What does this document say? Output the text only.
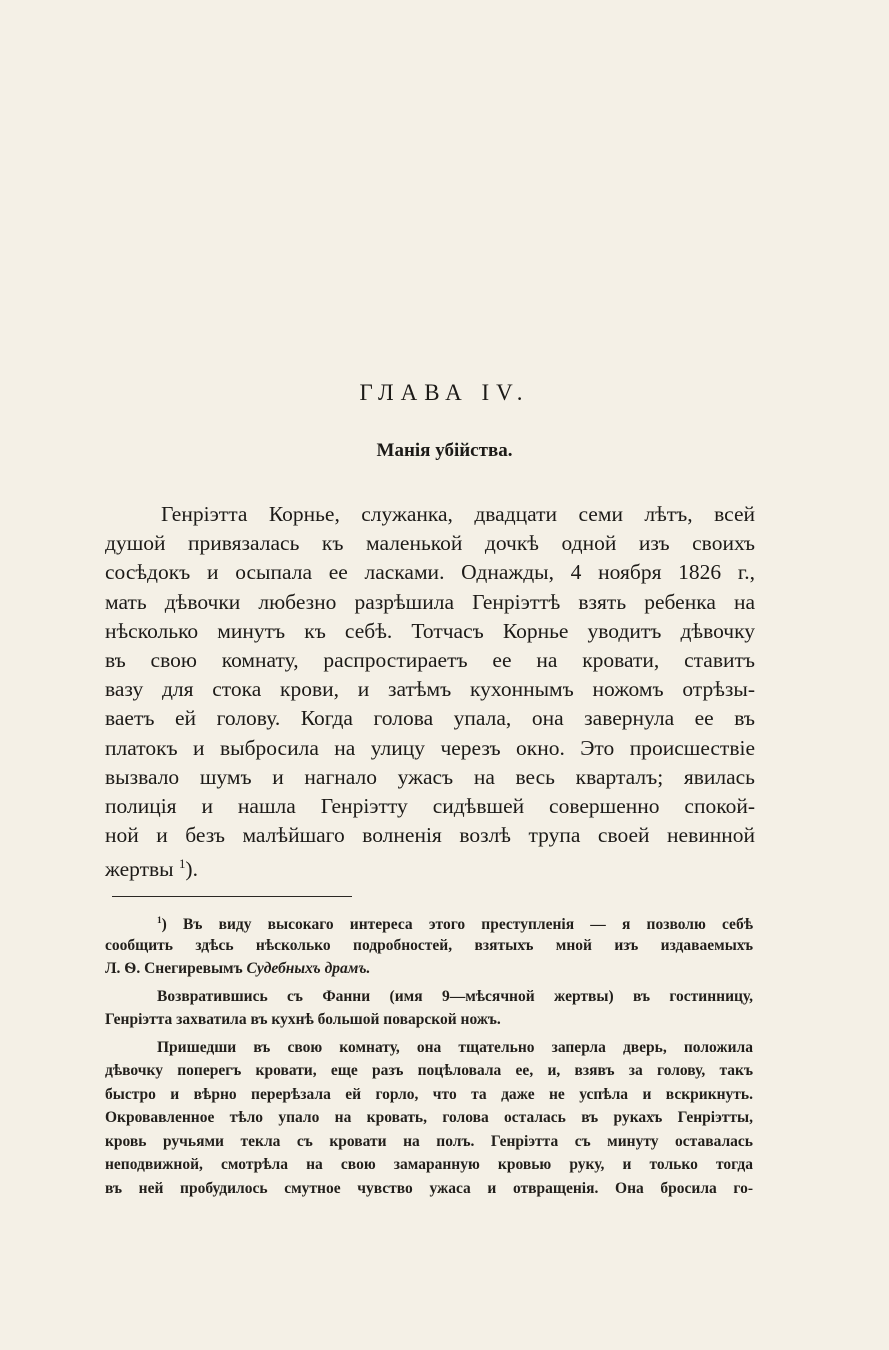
ГЛАВА IV.
Манія убійства.
Генріэтта Корнье, служанка, двадцати семи лѣтъ, всей
душой привязалась къ маленькой дочкѣ одной изъ своихъ
сосѣдокъ и осыпала ее ласками. Однажды, 4 ноября 1826 г.,
мать дѣвочки любезно разрѣшила Генріэттѣ взять ребенка на
нѣсколько минутъ къ себѣ. Тотчасъ Корнье уводитъ дѣвочку
въ свою комнату, распростираетъ ее на кровати, ставитъ
вазу для стока крови, и затѣмъ кухоннымъ ножомъ отрѣзы-
ваетъ ей голову. Когда голова упала, она завернула ее въ
платокъ и выбросила на улицу черезъ окно. Это происшествіе
вызвало шумъ и нагнало ужасъ на весь кварталъ; явилась
полиція и нашла Генріэтту сидѣвшей совершенно спокой-
ной и безъ малѣйшаго волненія возлѣ трупа своей невинной
жертвы $^1$).
$^1$) Въ виду высокаго интереса этого преступленія — я позволю себѣ
сообщить здѣсь нѣсколько подробностей, взятыхъ мной изъ издаваемыхъ
Л. Ѳ. Снегиревымъ Судебныхъ драмъ.
Возвратившись съ Фанни (имя 9—мѣсячной жертвы) въ гостинницу,
Генріэтта захватила въ кухнѣ большой поварской ножъ.
Пришедши въ свою комнату, она тщательно заперла дверь, положила
дѣвочку поперегъ кровати, еще разъ поцѣловала ее, и, взявъ за голову, такъ
быстро и вѣрно перерѣзала ей горло, что та даже не успѣла и вскрикнуть.
Окровавленное тѣло упало на кровать, голова осталась въ рукахъ Генріэтты,
кровь ручьями текла съ кровати на полъ. Генріэтта съ минуту оставалась
неподвижной, смотрѣла на свою замаранную кровью руку, и только тогда
въ ней пробудилось смутное чувство ужаса и отвращенія. Она бросила го-
